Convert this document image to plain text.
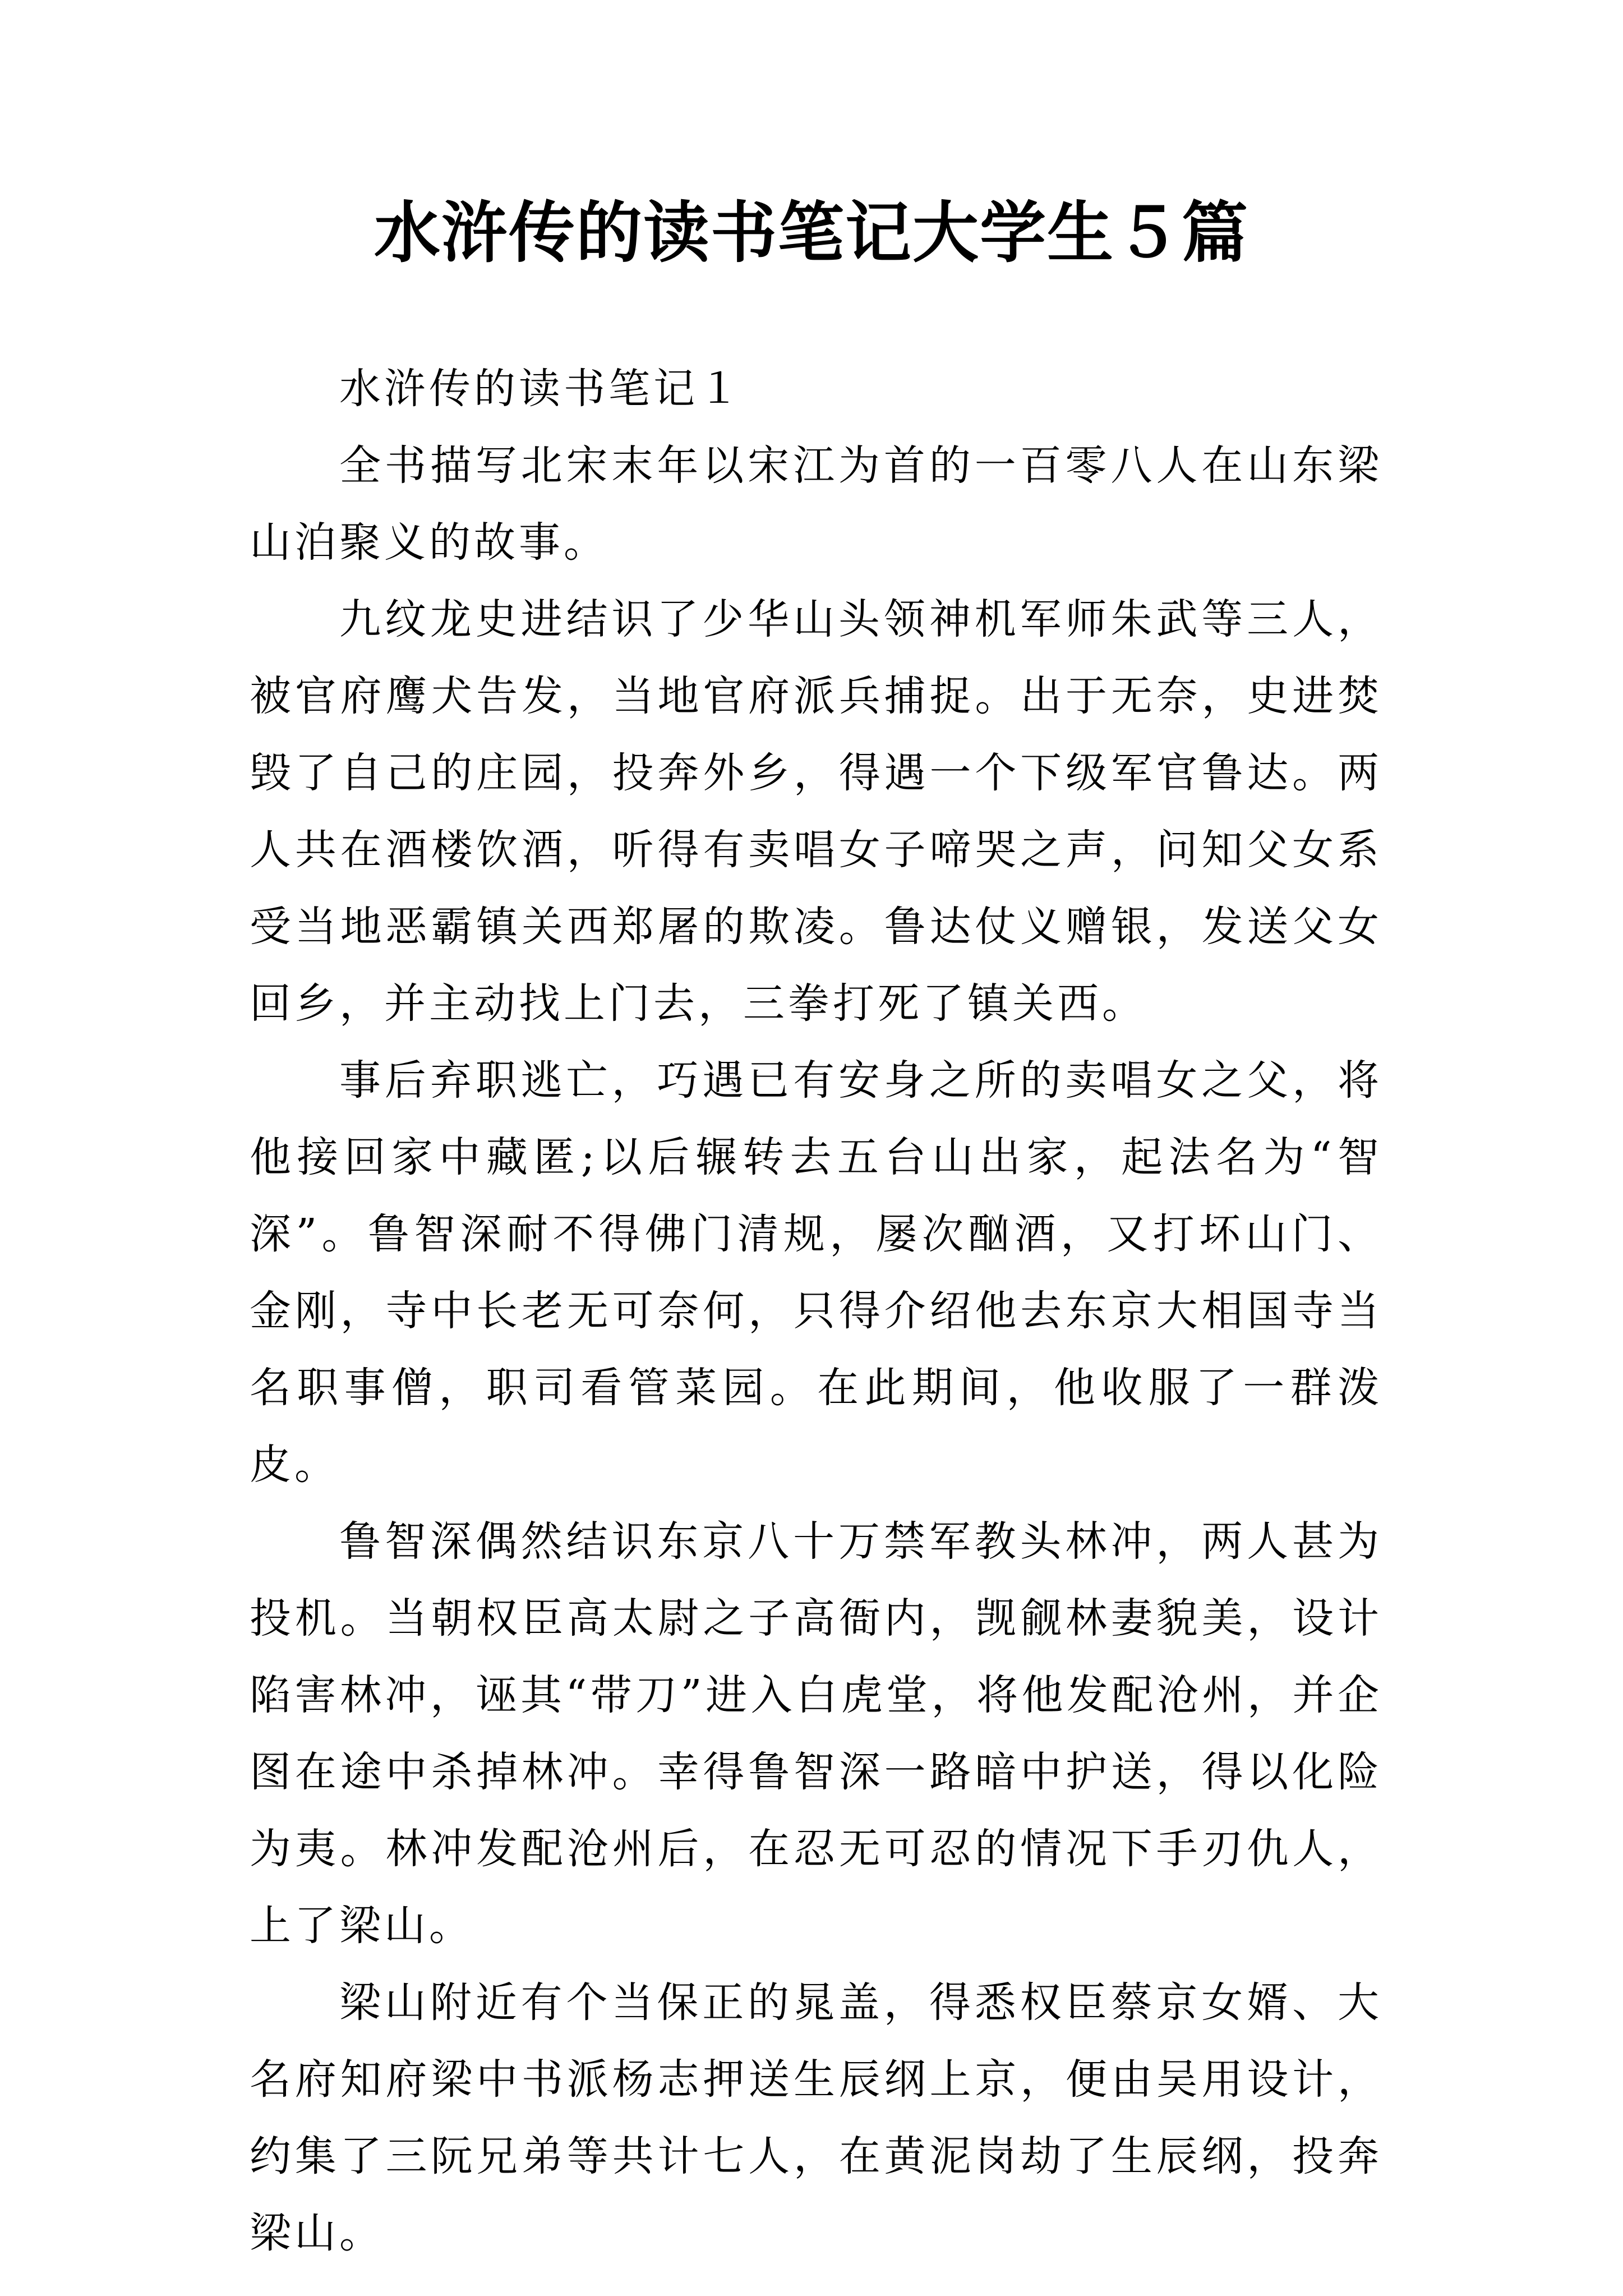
水浒传的读书笔记大学生５篇

水浒传的读书笔记１

全书描写北宋末年以宋江为首的一百零八人在山东梁山泊聚义的故事。

九纹龙史进结识了少华山头领神机军师朱武等三人，被官府鹰犬告发，当地官府派兵捕捉。出于无奈，史进焚毁了自己的庄园，投奔外乡，得遇一个下级军官鲁达。两人共在酒楼饮酒，听得有卖唱女子啼哭之声，问知父女系受当地恶霸镇关西郑屠的欺凌。鲁达仗义赠银，发送父女回乡，并主动找上门去，三拳打死了镇关西。

事后弃职逃亡，巧遇已有安身之所的卖唱女之父，将他接回家中藏匿;以后辗转去五台山出家，起法名为“智深”。鲁智深耐不得佛门清规，屡次酗酒，又打坏山门、金刚，寺中长老无可奈何，只得介绍他去东京大相国寺当名职事僧，职司看管菜园。在此期间，他收服了一群泼皮。

鲁智深偶然结识东京八十万禁军教头林冲，两人甚为投机。当朝权臣高太尉之子高衙内，觊觎林妻貌美，设计陷害林冲，诬其“带刀”进入白虎堂，将他发配沧州，并企图在途中杀掉林冲。幸得鲁智深一路暗中护送，得以化险为夷。林冲发配沧州后，在忍无可忍的情况下手刃仇人，上了梁山。

梁山附近有个当保正的晁盖，得悉权臣蔡京女婿、大名府知府梁中书派杨志押送生辰纲上京，便由吴用设计，约集了三阮兄弟等共计七人，在黄泥岗劫了生辰纲，投奔梁山。
